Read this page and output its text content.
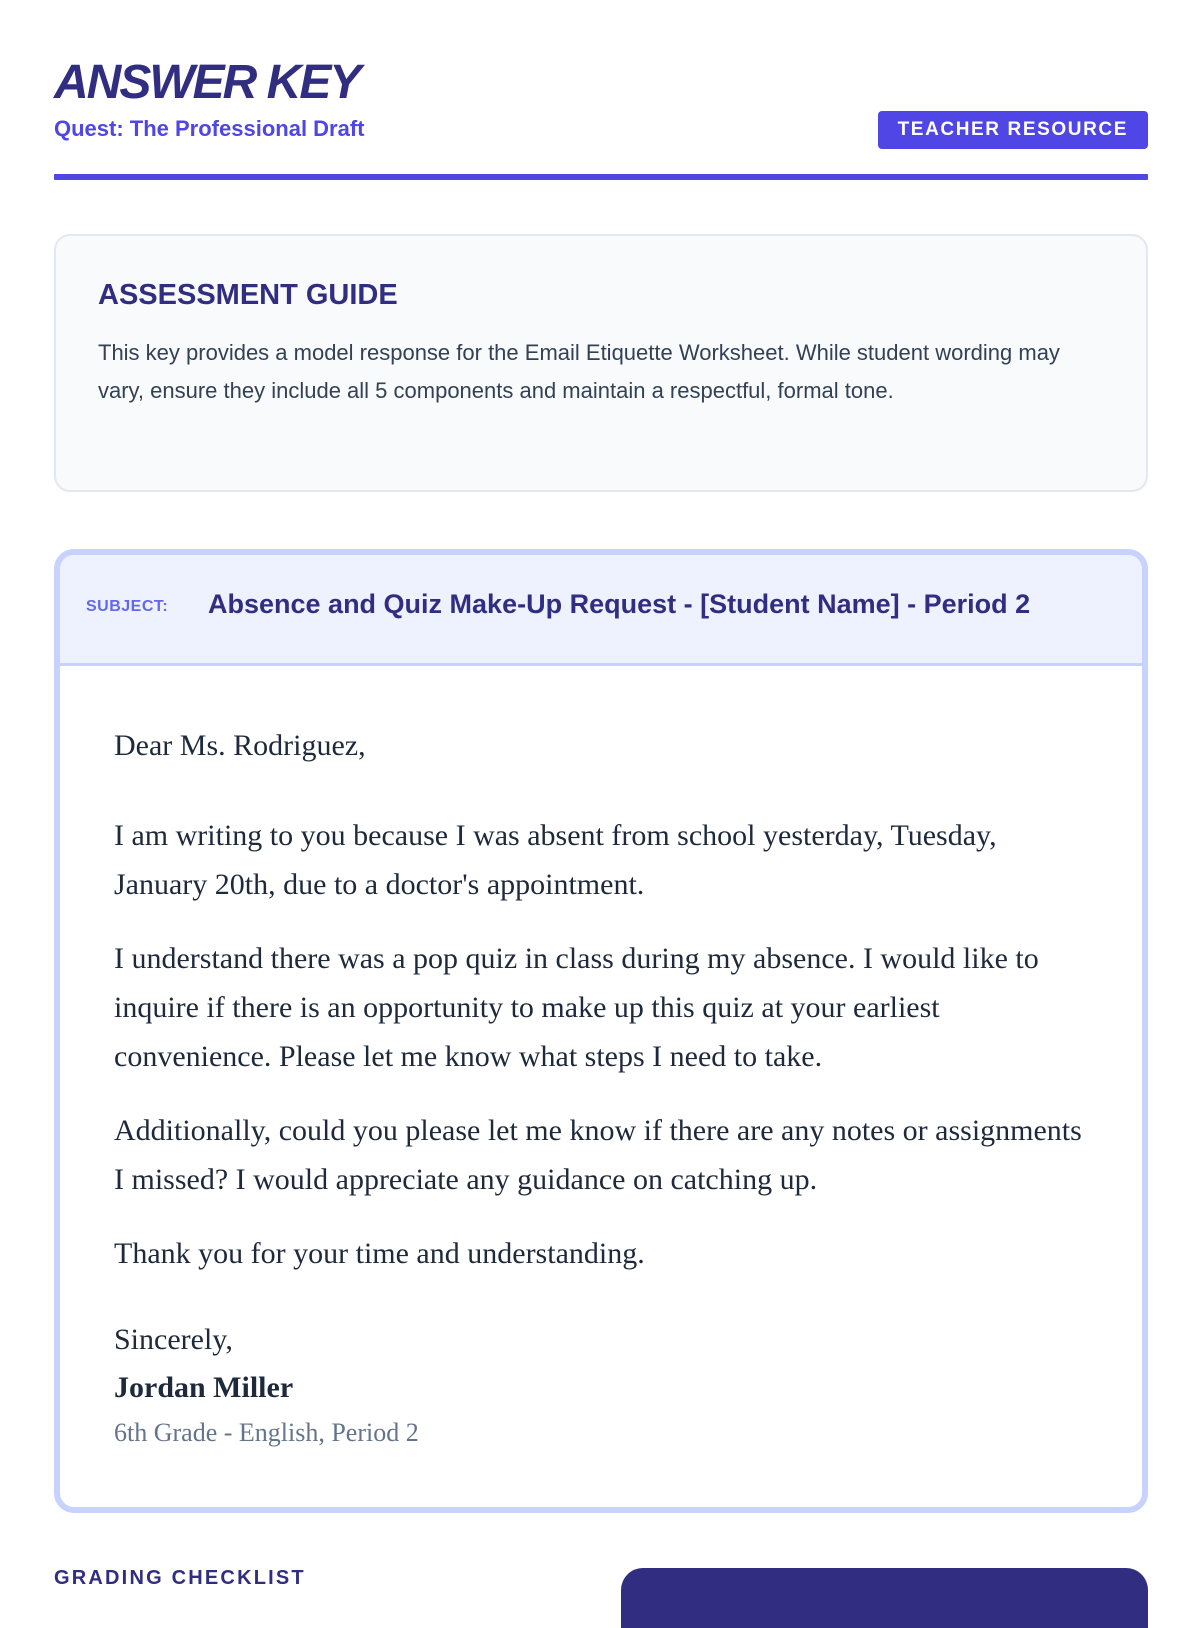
ANSWER KEY

Quest: The Professional Draft	TEACHER RESOURCE
ASSESSMENT GUIDE

This key provides a model response for the Email Etiquette Worksheet. While student wording may vary, ensure they include all 5 components and maintain a respectful, formal tone.

SUBJECT: Absence and Quiz Make-Up Request - [Student Name] - Period 2

Dear Ms. Rodriguez,

I am writing to you because I was absent from school yesterday, Tuesday, January 20th, due to a doctor's appointment.

I understand there was a pop quiz in class during my absence. I would like to inquire if there is an opportunity to make up this quiz at your earliest convenience. Please let me know what steps I need to take.

Additionally, could you please let me know if there are any notes or assignments I missed? I would appreciate any guidance on catching up.

Thank you for your time and understanding.

Sincerely,
Jordan Miller
6th Grade - English, Period 2
GRADING CHECKLIST
